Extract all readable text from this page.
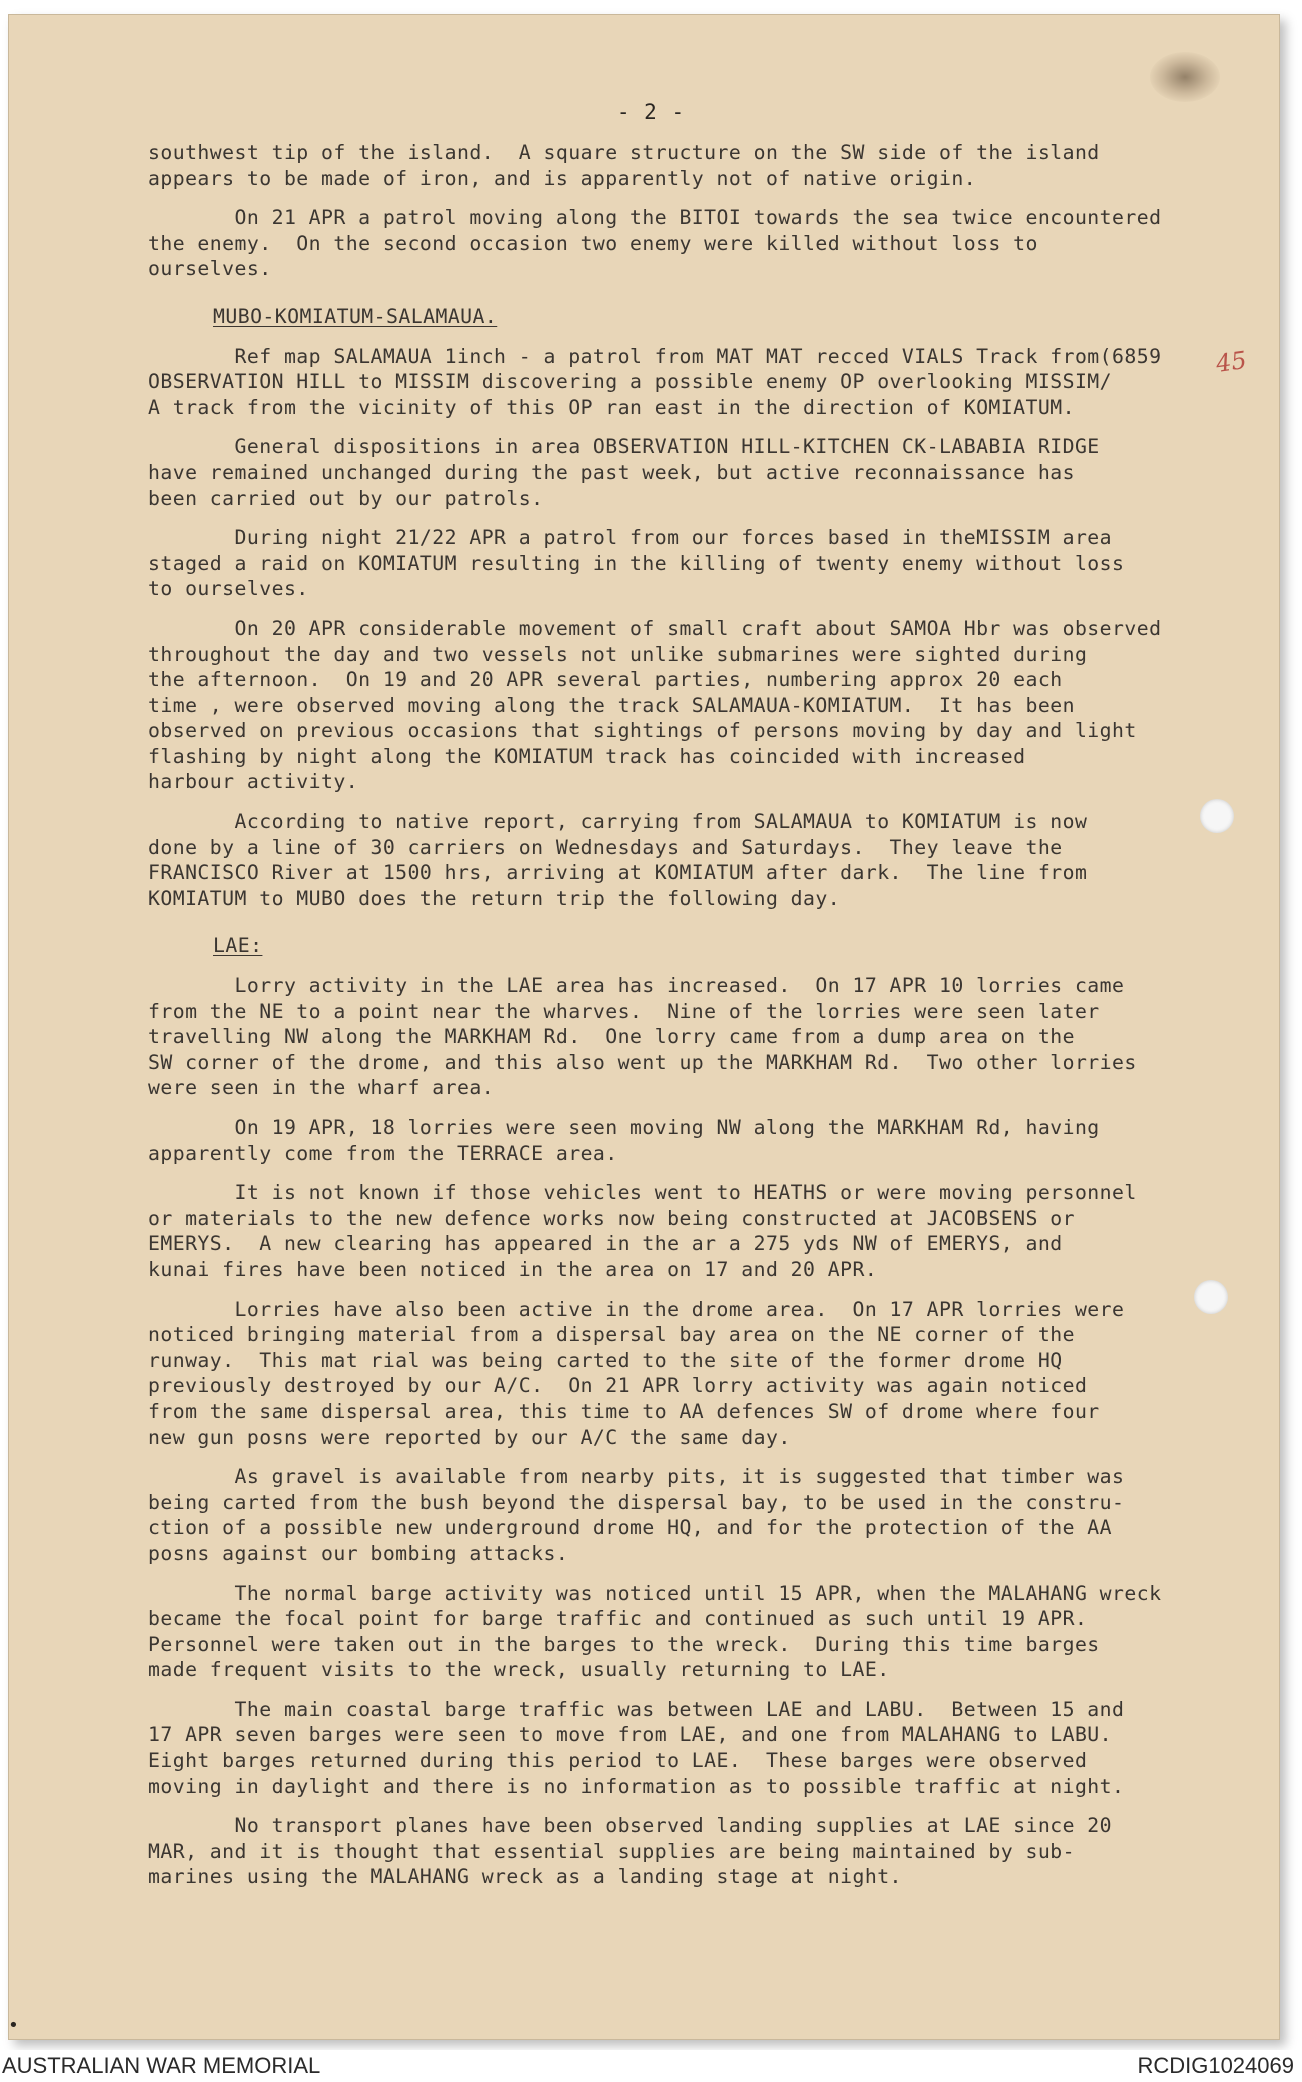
- 2 -
45
southwest tip of the island.  A square structure on the SW side of the island
appears to be made of iron, and is apparently not of native origin.
On 21 APR a patrol moving along the BITOI towards the sea twice encountered
the enemy.  On the second occasion two enemy were killed without loss to
ourselves.
MUBO-KOMIATUM-SALAMAUA.
Ref map SALAMAUA 1inch - a patrol from MAT MAT recced VIALS Track from(6859
OBSERVATION HILL to MISSIM discovering a possible enemy OP overlooking MISSIM/
A track from the vicinity of this OP ran east in the direction of KOMIATUM.
General dispositions in area OBSERVATION HILL-KITCHEN CK-LABABIA RIDGE
have remained unchanged during the past week, but active reconnaissance has
been carried out by our patrols.
During night 21/22 APR a patrol from our forces based in theMISSIM area
staged a raid on KOMIATUM resulting in the killing of twenty enemy without loss
to ourselves.
On 20 APR considerable movement of small craft about SAMOA Hbr was observed
throughout the day and two vessels not unlike submarines were sighted during
the afternoon.  On 19 and 20 APR several parties, numbering approx 20 each
time , were observed moving along the track SALAMAUA-KOMIATUM.  It has been
observed on previous occasions that sightings of persons moving by day and light
flashing by night along the KOMIATUM track has coincided with increased
harbour activity.
According to native report, carrying from SALAMAUA to KOMIATUM is now
done by a line of 30 carriers on Wednesdays and Saturdays.  They leave the
FRANCISCO River at 1500 hrs, arriving at KOMIATUM after dark.  The line from
KOMIATUM to MUBO does the return trip the following day.
LAE:
Lorry activity in the LAE area has increased.  On 17 APR 10 lorries came
from the NE to a point near the wharves.  Nine of the lorries were seen later
travelling NW along the MARKHAM Rd.  One lorry came from a dump area on the
SW corner of the drome, and this also went up the MARKHAM Rd.  Two other lorries
were seen in the wharf area.
On 19 APR, 18 lorries were seen moving NW along the MARKHAM Rd, having
apparently come from the TERRACE area.
It is not known if those vehicles went to HEATHS or were moving personnel
or materials to the new defence works now being constructed at JACOBSENS or
EMERYS.  A new clearing has appeared in the ar a 275 yds NW of EMERYS, and
kunai fires have been noticed in the area on 17 and 20 APR.
Lorries have also been active in the drome area.  On 17 APR lorries were
noticed bringing material from a dispersal bay area on the NE corner of the
runway.  This mat rial was being carted to the site of the former drome HQ
previously destroyed by our A/C.  On 21 APR lorry activity was again noticed
from the same dispersal area, this time to AA defences SW of drome where four
new gun posns were reported by our A/C the same day.
As gravel is available from nearby pits, it is suggested that timber was
being carted from the bush beyond the dispersal bay, to be used in the constru-
ction of a possible new underground drome HQ, and for the protection of the AA
posns against our bombing attacks.
The normal barge activity was noticed until 15 APR, when the MALAHANG wreck
became the focal point for barge traffic and continued as such until 19 APR.
Personnel were taken out in the barges to the wreck.  During this time barges
made frequent visits to the wreck, usually returning to LAE.
The main coastal barge traffic was between LAE and LABU.  Between 15 and
17 APR seven barges were seen to move from LAE, and one from MALAHANG to LABU.
Eight barges returned during this period to LAE.  These barges were observed
moving in daylight and there is no information as to possible traffic at night.
No transport planes have been observed landing supplies at LAE since 20
MAR, and it is thought that essential supplies are being maintained by sub-
marines using the MALAHANG wreck as a landing stage at night.
•
AUSTRALIAN WAR MEMORIAL	RCDIG1024069
